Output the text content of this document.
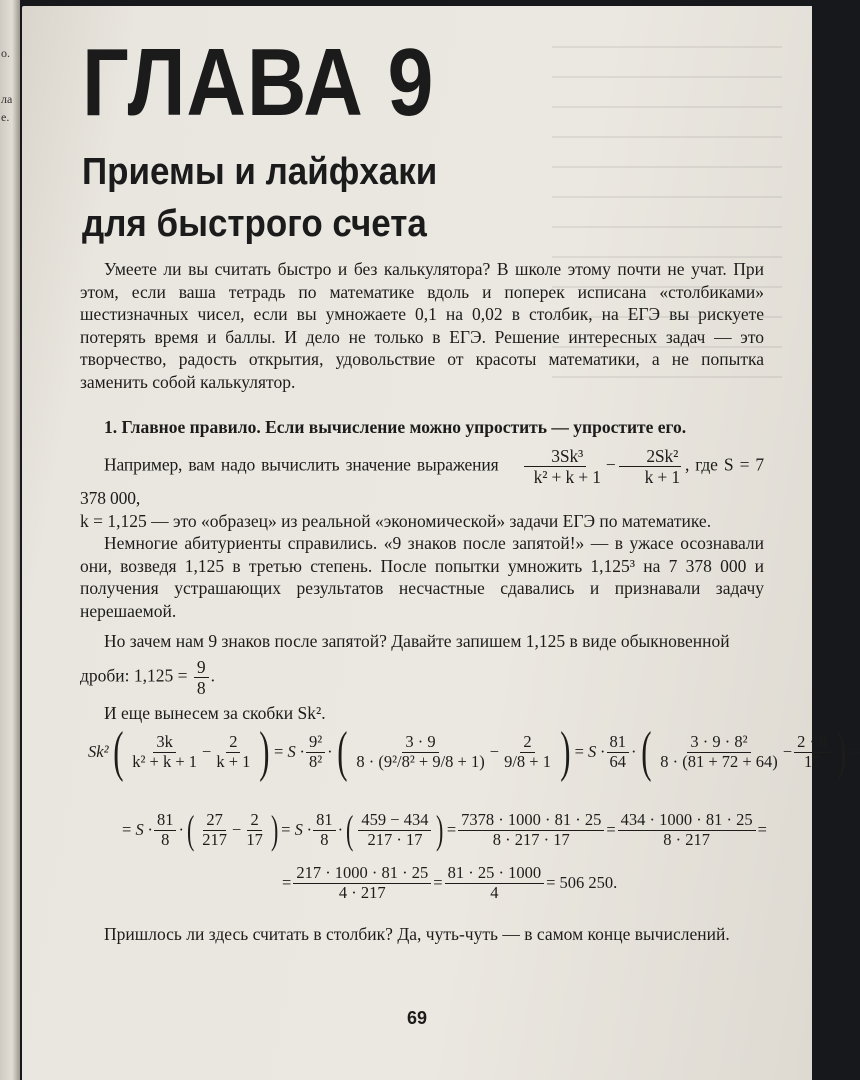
о.
ла
е. ГЛАВА 9
Приемы и лайфхаки
для быстрого счета

Умеете ли вы считать быстро и без калькулятора? В школе этому почти не учат. При этом, если ваша тетрадь по математике вдоль и поперек исписана «столбиками» шестизначных чисел, если вы умножаете 0,1 на 0,02 в столбик, на ЕГЭ вы рискуете потерять время и баллы. И дело не только в ЕГЭ. Решение интересных задач — это творчество, радость открытия, удовольствие от красоты математики, а не попытка заменить собой калькулятор.

1. Главное правило. Если вычисление можно упростить — упростите его.

Например, вам надо вычислить значение выражения $\frac{\text{3Sk³}}{\text{k² + k + 1}} - \frac{\text{2Sk²}}{k + 1}$ , где S = 7 378 000,

k = 1,125 — это «образец» из реальной «экономической» задачи ЕГЭ по математике.

Немногие абитуриенты справились. «9 знаков после запятой!» — в ужасе осознавали они, возведя 1,125 в третью степень. После попытки умножить 1,125³ на 7 378 000 и получения устрашающих результатов несчастные сдавались и признавали задачу нерешаемой.

Но зачем нам 9 знаков после запятой? Давайте запишем 1,125 в виде обыкновенной

дроби: $1,125 = \frac{9}{8}$ .

И еще вынесем за скобки Sk².

Sk² ( $\frac{3k}{\text{k² + k + 1}} - \frac{2}{k + 1}$ ) =
$S \cdot \frac{\text{9²}}{\text{8²}}$ · ( $\frac{3 \cdot 9}{\text{8 · (9²/8² + 9/8 + 1)}} - \frac{2}{9/8 + 1}$ ) =
$S \cdot \frac{81}{64}$ · ( $\frac{\text{3 · 9 · 8²}}{8 \cdot (81 + 72 + 64)} - \frac{2 \cdot 8}{17}$ ) =
=
$S \cdot \frac{81}{8}$ · ( $\frac{27}{217} - \frac{2}{17}$ ) =
$S \cdot \frac{81}{8}$ · ( $\frac{459 - 434}{217 \cdot 17}$ ) = $\frac{7378 \cdot 1000 \cdot 81 \cdot 25}{8 \cdot 217 \cdot 17} = \frac{434 \cdot 1000 \cdot 81 \cdot 25}{8 \cdot 217}$ =
= $\frac{217 \cdot 1000 \cdot 81 \cdot 25}{4 \cdot 217} = \frac{81 \cdot 25 \cdot 1000}{4} = 506$ 250.

Пришлось ли здесь считать в столбик? Да, чуть-чуть — в самом конце вычислений.

69
